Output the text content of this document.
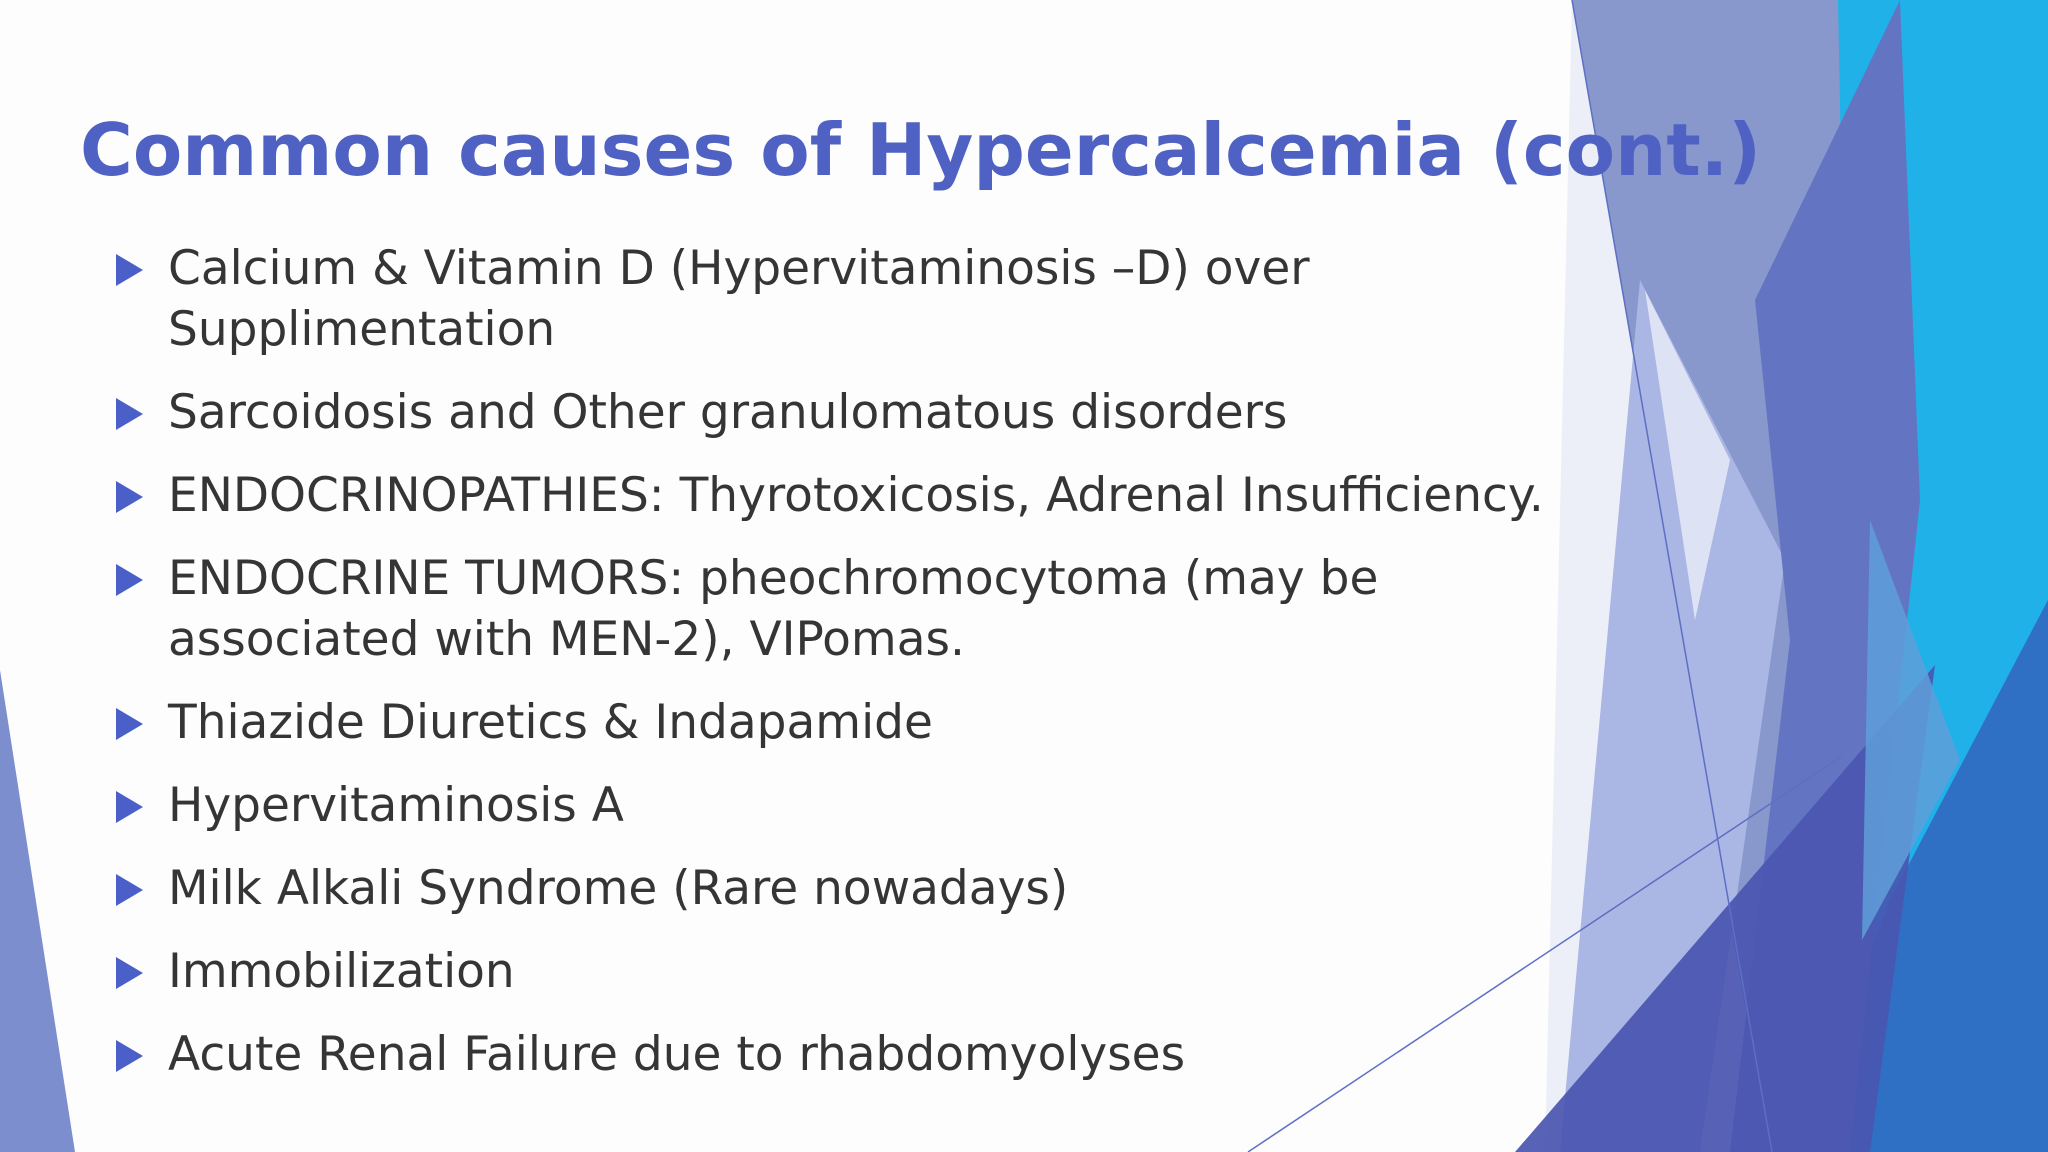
Common causes of Hypercalcemia (cont.)
Calcium & Vitamin D (Hypervitaminosis –D) over Supplimentation
Sarcoidosis and Other granulomatous disorders
ENDOCRINOPATHIES: Thyrotoxicosis, Adrenal Insufficiency.
ENDOCRINE TUMORS: pheochromocytoma (may be associated with MEN-2), VIPomas.
Thiazide Diuretics & Indapamide
Hypervitaminosis A
Milk Alkali Syndrome (Rare nowadays)
Immobilization
Acute Renal Failure due to rhabdomyolyses
